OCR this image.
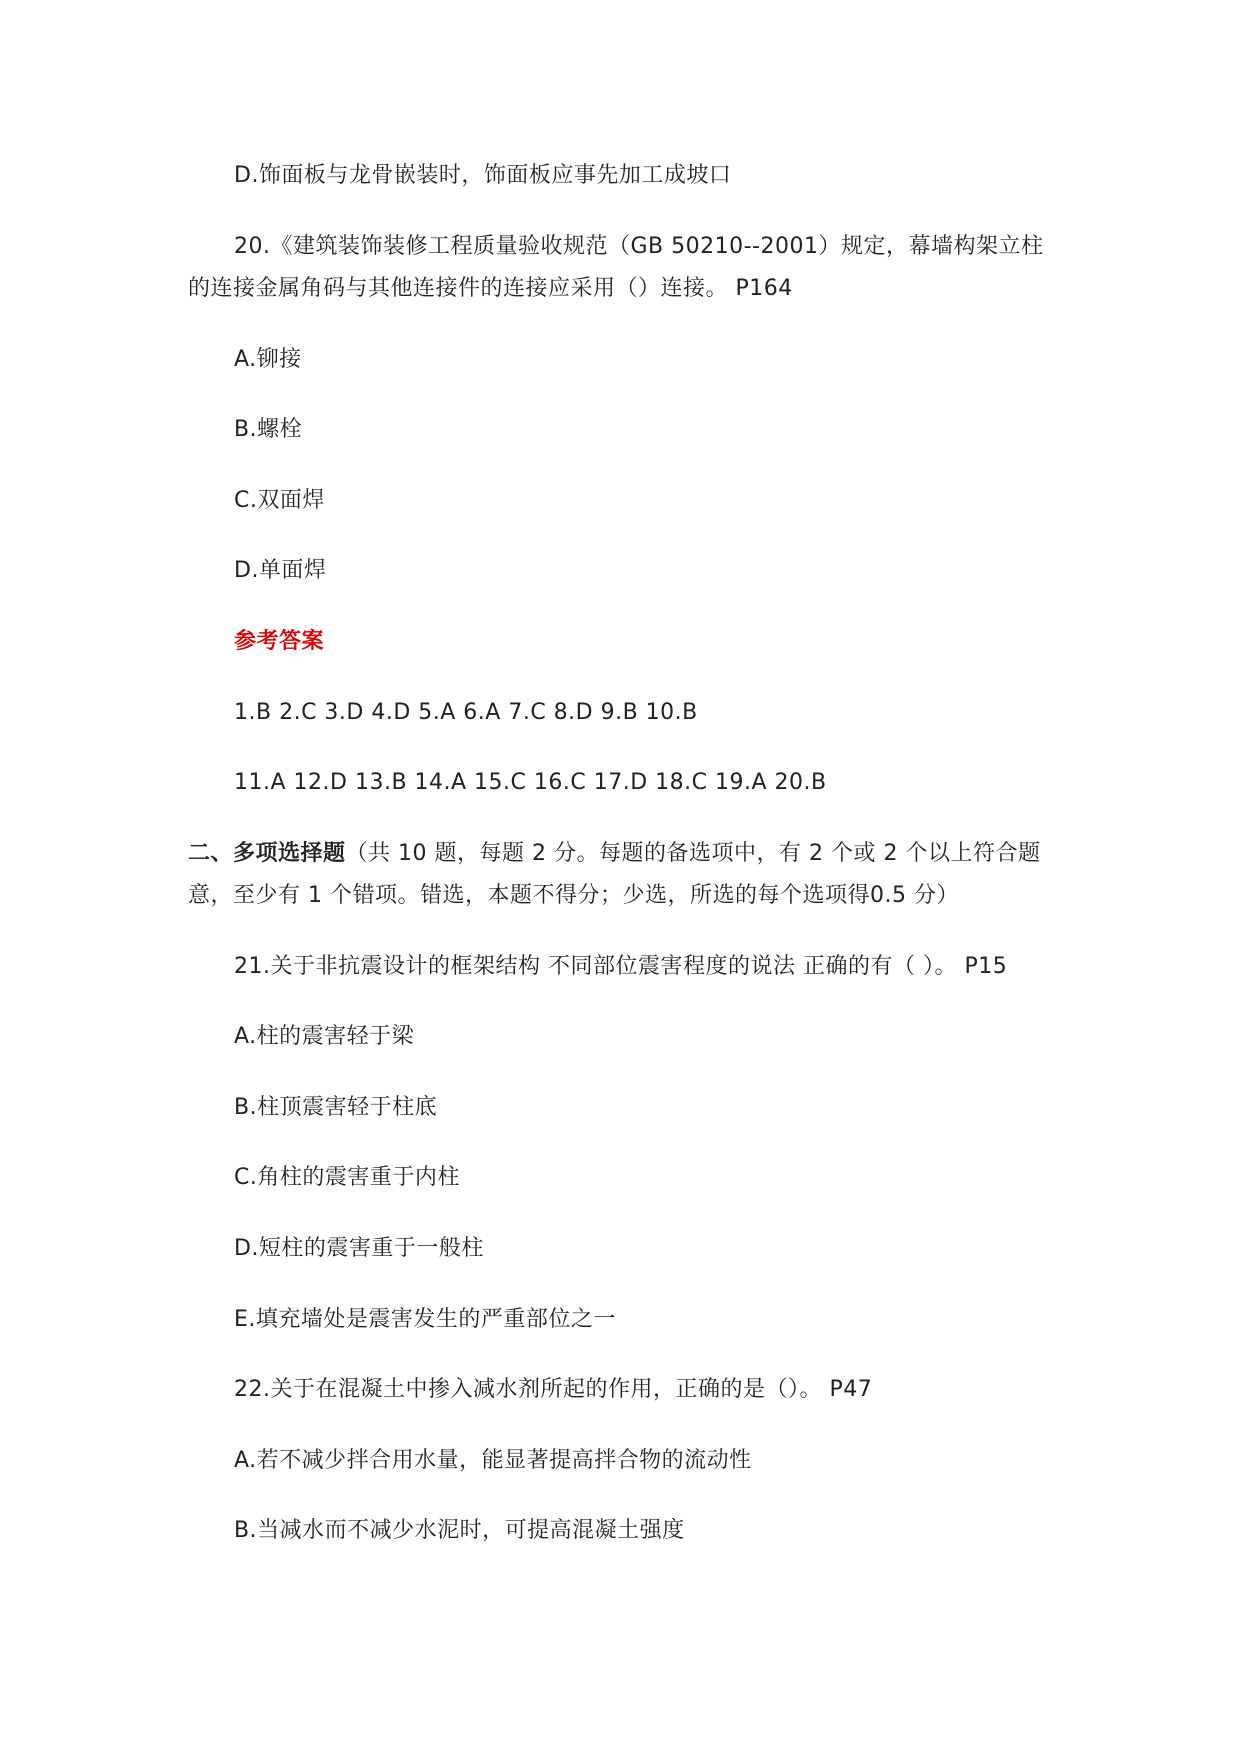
D.饰面板与龙骨嵌装时，饰面板应事先加工成坡口
20.《建筑装饰装修工程质量验收规范（GB 50210--2001）规定，幕墙构架立柱
的连接金属角码与其他连接件的连接应采用（）连接。 P164
A.铆接
B.螺栓
C.双面焊
D.单面焊
参考答案
1.B 2.C 3.D 4.D 5.A 6.A 7.C 8.D 9.B 10.B
11.A 12.D 13.B 14.A 15.C 16.C 17.D 18.C 19.A 20.B
二、多项选择题（共 10 题，每题 2 分。每题的备选项中，有 2 个或 2 个以上符合题
意，至少有 1 个错项。错选，本题不得分；少选，所选的每个选项得0.5 分）
21.关于非抗震设计的框架结构 不同部位震害程度的说法 正确的有（ ）。 P15
A.柱的震害轻于梁
B.柱顶震害轻于柱底
C.角柱的震害重于内柱
D.短柱的震害重于一般柱
E.填充墙处是震害发生的严重部位之一
22.关于在混凝土中掺入减水剂所起的作用，正确的是（）。 P47
A.若不减少拌合用水量，能显著提高拌合物的流动性
B.当减水而不减少水泥时，可提高混凝土强度
